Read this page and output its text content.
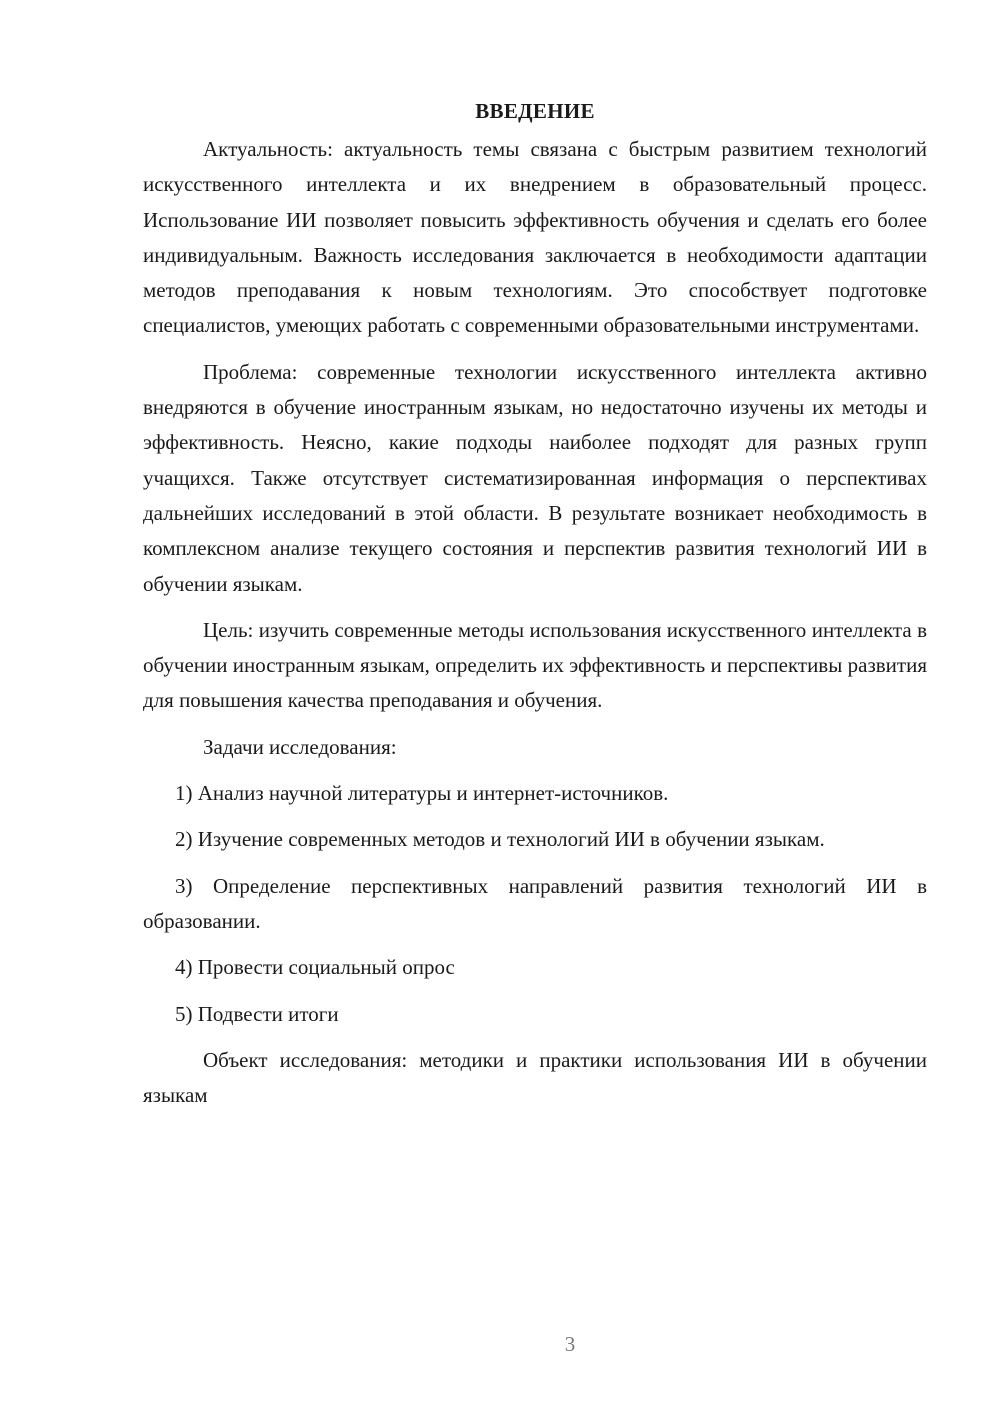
ВВЕДЕНИЕ

Актуальность: актуальность темы связана с быстрым развитием технологий искусственного интеллекта и их внедрением в образовательный процесс. Использование ИИ позволяет повысить эффективность обучения и сделать его более индивидуальным. Важность исследования заключается в необходимости адаптации методов преподавания к новым технологиям. Это способствует подготовке специалистов, умеющих работать с современными образовательными инструментами.

Проблема: современные технологии искусственного интеллекта активно внедряются в обучение иностранным языкам, но недостаточно изучены их методы и эффективность. Неясно, какие подходы наиболее подходят для разных групп учащихся. Также отсутствует систематизированная информация о перспективах дальнейших исследований в этой области. В результате возникает необходимость в комплексном анализе текущего состояния и перспектив развития технологий ИИ в обучении языкам.

Цель: изучить современные методы использования искусственного интеллекта в обучении иностранным языкам, определить их эффективность и перспективы развития для повышения качества преподавания и обучения.

Задачи исследования:

1) Анализ научной литературы и интернет-источников.

2) Изучение современных методов и технологий ИИ в обучении языкам.

3) Определение перспективных направлений развития технологий ИИ в образовании.

4) Провести социальный опрос

5) Подвести итоги

Объект исследования: методики и практики использования ИИ в обучении языкам

3
